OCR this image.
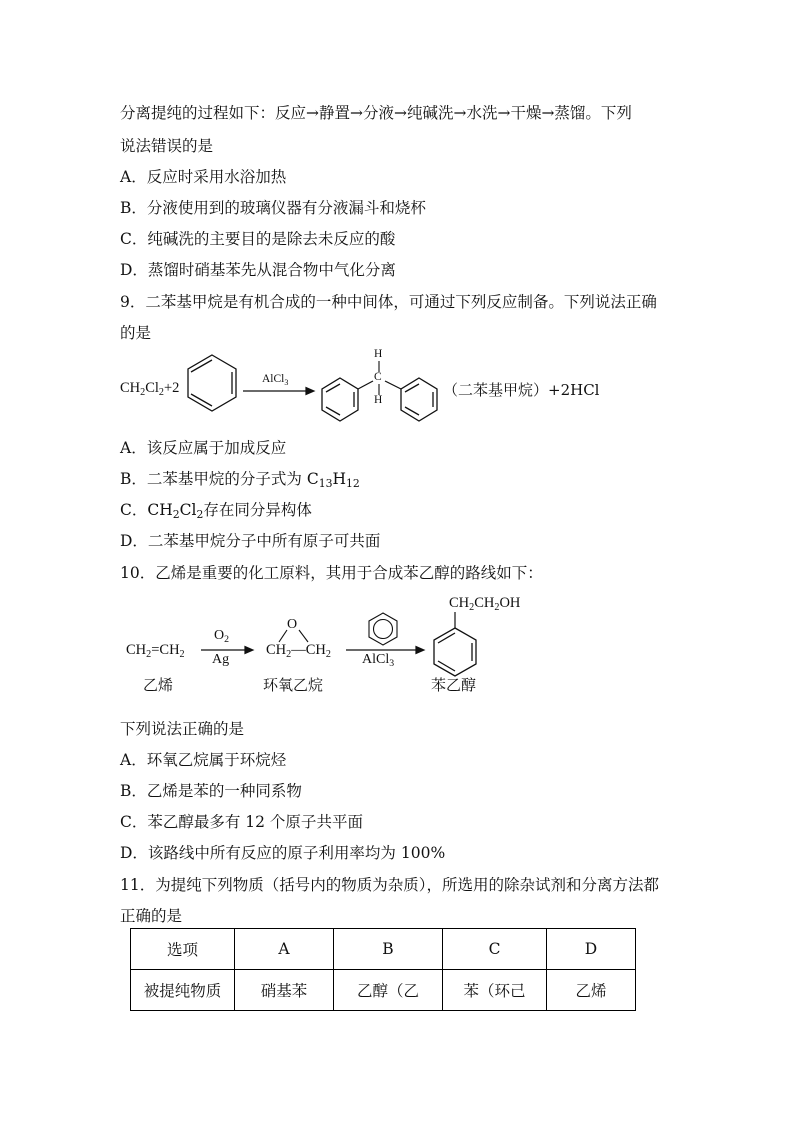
分离提纯的过程如下：反应→静置→分液→纯碱洗→水洗→干燥→蒸馏。下列
说法错误的是
A．反应时采用水浴加热
B．分液使用到的玻璃仪器有分液漏斗和烧杯
C．纯碱洗的主要目的是除去未反应的酸
D．蒸馏时硝基苯先从混合物中气化分离
9．二苯基甲烷是有机合成的一种中间体，可通过下列反应制备。下列说法正确
的是
$CH_2Cl_2+2$
AlCl$_3$
H
C
H
（二苯基甲烷）+2HCl
A．该反应属于加成反应
B．二苯基甲烷的分子式为 $C_{13}H_{12}$
C．$CH_2Cl_2$存在同分异构体
D．二苯基甲烷分子中所有原子可共面
10．乙烯是重要的化工原料，其用于合成苯乙醇的路线如下：
$CH_2=CH_2$
$O_2$
Ag
O
$CH_2—CH_2$ AlCl$_3$
$CH_2CH_2OH$
乙烯	环氧乙烷	苯乙醇
下列说法正确的是
A．环氧乙烷属于环烷烃
B．乙烯是苯的一种同系物
C．苯乙醇最多有 12 个原子共平面
D．该路线中所有反应的原子利用率均为 100%
11．为提纯下列物质（括号内的物质为杂质），所选用的除杂试剂和分离方法都
正确的是
选项	A	B	C	D
被提纯物质	硝基苯	乙醇（乙	苯（环己	乙烯
